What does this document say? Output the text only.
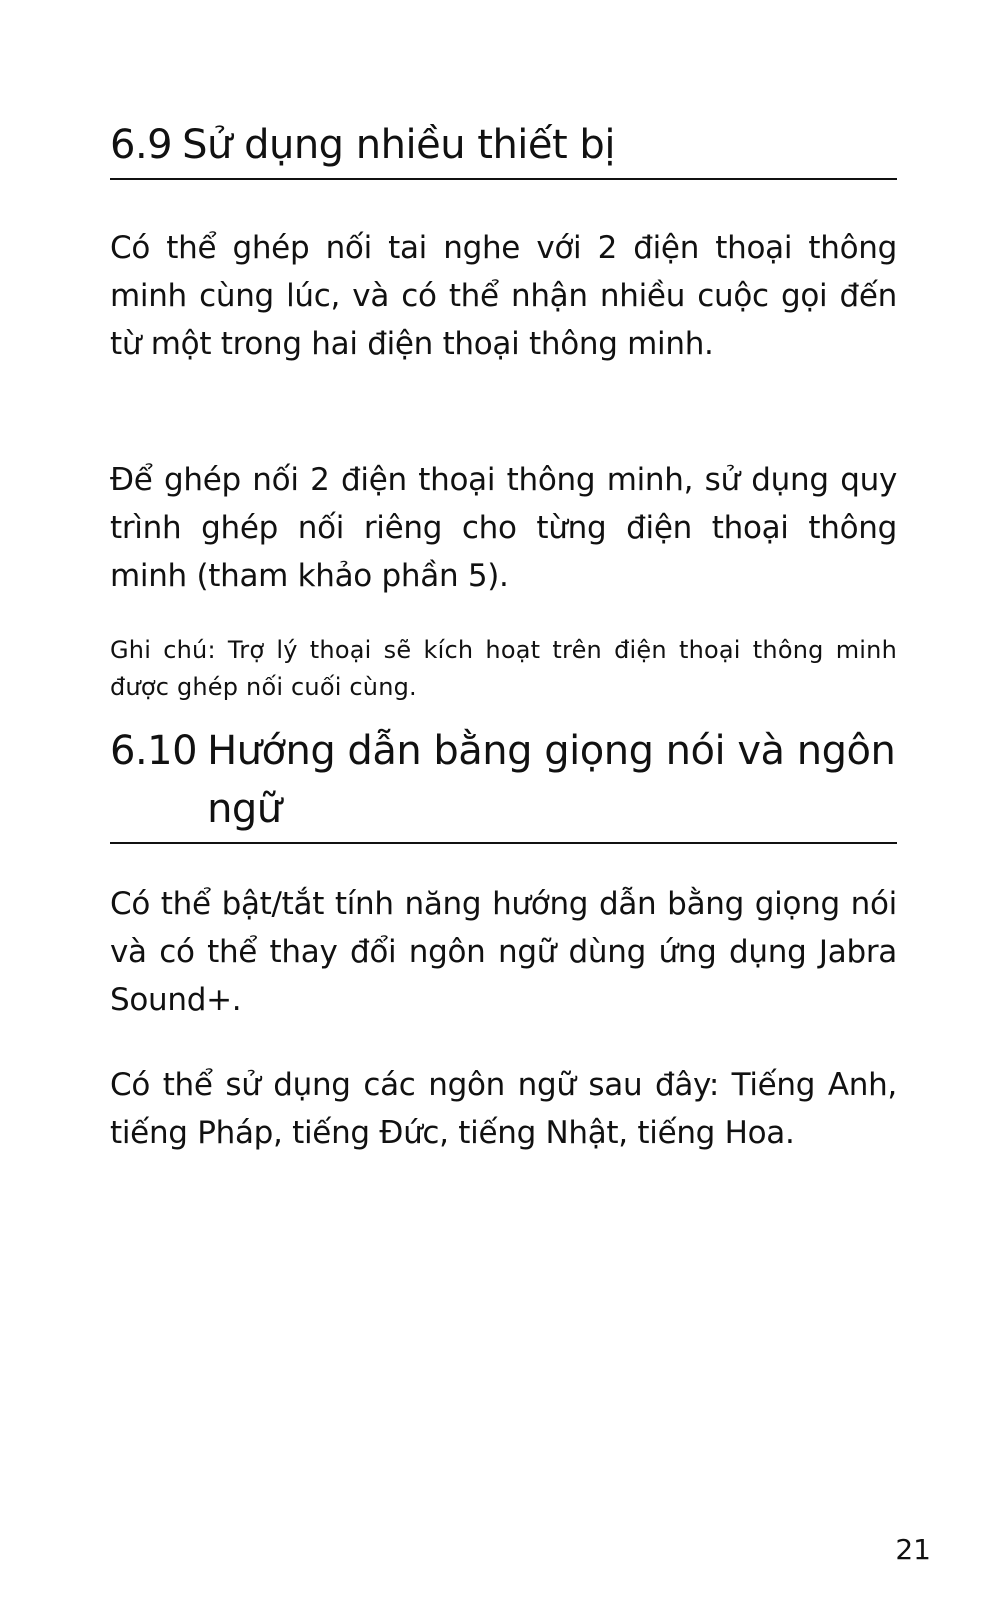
6.9 Sử dụng nhiều thiết bị

Có thể ghép nối tai nghe với 2 điện thoại thông minh cùng lúc, và có thể nhận nhiều cuộc gọi đến từ một trong hai điện thoại thông minh.

Để ghép nối 2 điện thoại thông minh, sử dụng quy trình ghép nối riêng cho từng điện thoại thông minh (tham khảo phần 5).

Ghi chú: Trợ lý thoại sẽ kích hoạt trên điện thoại thông minh được ghép nối cuối cùng.

6.10 Hướng dẫn bằng giọng nói và ngôn ngữ

Có thể bật/tắt tính năng hướng dẫn bằng giọng nói và có thể thay đổi ngôn ngữ dùng ứng dụng Jabra Sound+.

Có thể sử dụng các ngôn ngữ sau đây: Tiếng Anh, tiếng Pháp, tiếng Đức, tiếng Nhật, tiếng Hoa.

21
